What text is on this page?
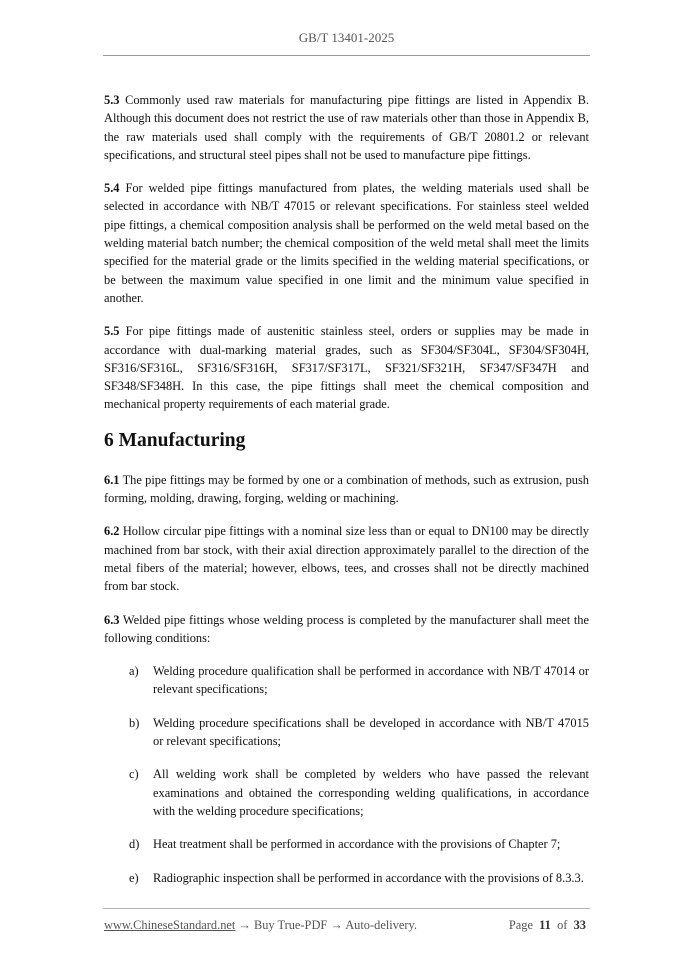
GB/T 13401-2025

5.3 Commonly used raw materials for manufacturing pipe fittings are listed in Appendix B. Although this document does not restrict the use of raw materials other than those in Appendix B, the raw materials used shall comply with the requirements of GB/T 20801.2 or relevant specifications, and structural steel pipes shall not be used to manufacture pipe fittings.

5.4 For welded pipe fittings manufactured from plates, the welding materials used shall be selected in accordance with NB/T 47015 or relevant specifications. For stainless steel welded pipe fittings, a chemical composition analysis shall be performed on the weld metal based on the welding material batch number; the chemical composition of the weld metal shall meet the limits specified for the material grade or the limits specified in the welding material specifications, or be between the maximum value specified in one limit and the minimum value specified in another.

5.5 For pipe fittings made of austenitic stainless steel, orders or supplies may be made in accordance with dual-marking material grades, such as SF304/SF304L, SF304/SF304H, SF316/SF316L, SF316/SF316H, SF317/SF317L, SF321/SF321H, SF347/SF347H and SF348/SF348H. In this case, the pipe fittings shall meet the chemical composition and mechanical property requirements of each material grade.

6 Manufacturing

6.1 The pipe fittings may be formed by one or a combination of methods, such as extrusion, push forming, molding, drawing, forging, welding or machining.

6.2 Hollow circular pipe fittings with a nominal size less than or equal to DN100 may be directly machined from bar stock, with their axial direction approximately parallel to the direction of the metal fibers of the material; however, elbows, tees, and crosses shall not be directly machined from bar stock.

6.3 Welded pipe fittings whose welding process is completed by the manufacturer shall meet the following conditions:

a) Welding procedure qualification shall be performed in accordance with NB/T 47014 or relevant specifications;
b) Welding procedure specifications shall be developed in accordance with NB/T 47015 or relevant specifications;
c) All welding work shall be completed by welders who have passed the relevant examinations and obtained the corresponding welding qualifications, in accordance with the welding procedure specifications;
d) Heat treatment shall be performed in accordance with the provisions of Chapter 7;
e) Radiographic inspection shall be performed in accordance with the provisions of 8.3.3.
www.ChineseStandard.net → Buy True-PDF → Auto-delivery.	Page 11 of 33
